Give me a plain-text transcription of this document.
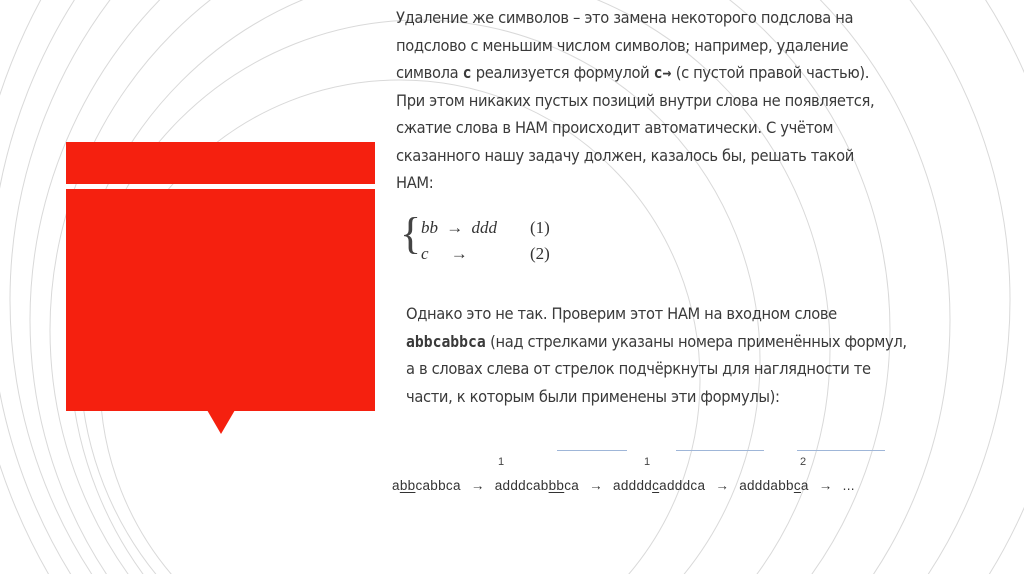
Удаление же символов – это замена некоторого подслова на подслово с меньшим числом символов; например, удаление символа c реализуется формулой c→ (с пустой правой частью). При этом никаких пустых позиций внутри слова не появляется, сжатие слова в НАМ происходит автоматически. С учётом сказанного нашу задачу должен, казалось бы, решать такой НАМ:
{ bb → ddd (1)
c →	(2)
Однако это не так. Проверим этот НАМ на входном слове abbcabbca (над стрелками указаны номера применённых формул, а в словах слева от стрелок подчёркнуты для наглядности те части, к которым были применены эти формулы):
1	1	2
abbcabbca → adddcabbbca → addddcadddca → adddabbca → ...
